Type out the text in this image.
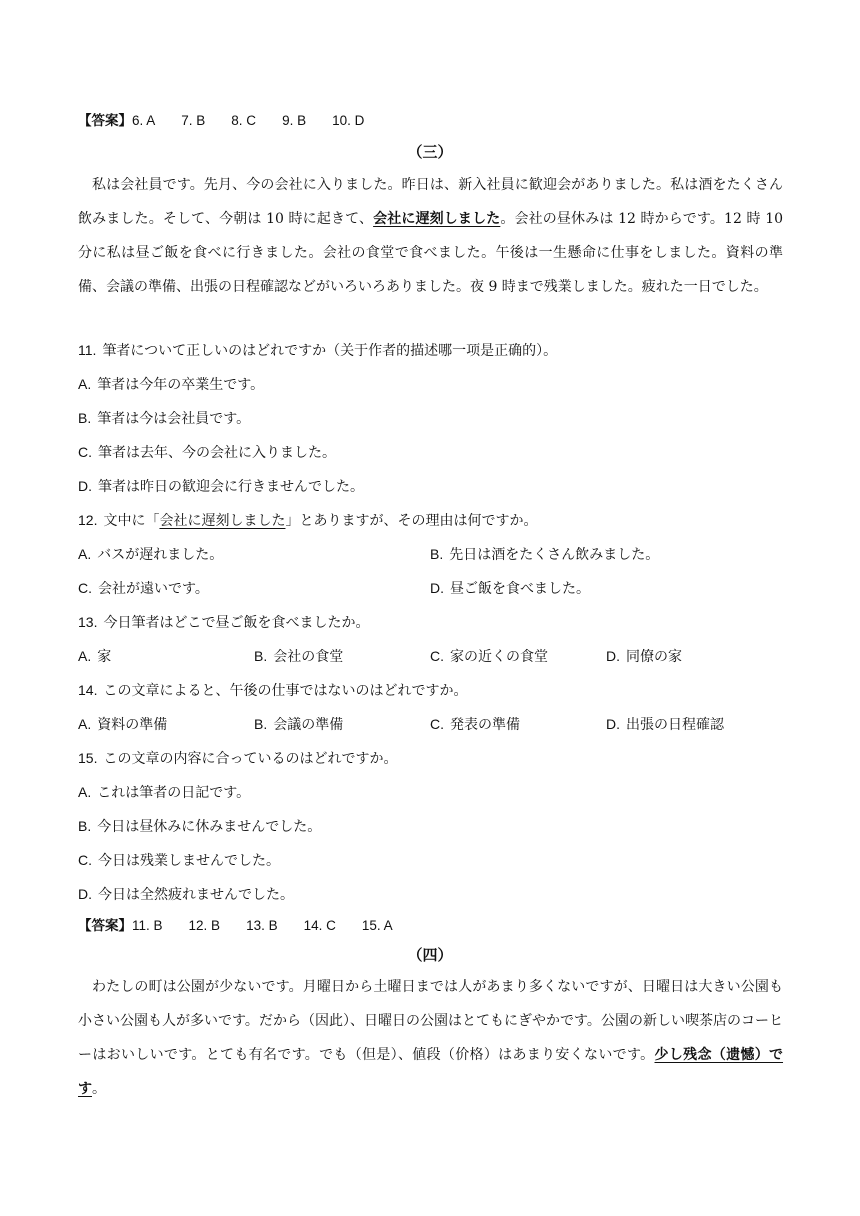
【答案】6. A 7. B 8. C 9. B 10. D
（三）
私は会社員です。先月、今の会社に入りました。昨日は、新入社員に歓迎会がありました。私は酒をたくさん飲みました。そして、今朝は 10 時に起きて、会社に遅刻しました。会社の昼休みは 12 時からです。12 時 10 分に私は昼ご飯を食べに行きました。会社の食堂で食べました。午後は一生懸命に仕事をしました。資料の準備、会議の準備、出張の日程確認などがいろいろありました。夜 9 時まで残業しました。疲れた一日でした。
11. 筆者について正しいのはどれですか（关于作者的描述哪一项是正确的）。
A. 筆者は今年の卒業生です。
B. 筆者は今は会社員です。
C. 筆者は去年、今の会社に入りました。
D. 筆者は昨日の歓迎会に行きませんでした。
12. 文中に「会社に遅刻しました」とありますが、その理由は何ですか。
A. バスが遅れました。	B. 先日は酒をたくさん飲みました。
C. 会社が遠いです。	D. 昼ご飯を食べました。
13. 今日筆者はどこで昼ご飯を食べましたか。
A. 家	B. 会社の食堂	C. 家の近くの食堂	D. 同僚の家
14. この文章によると、午後の仕事ではないのはどれですか。
A. 資料の準備	B. 会議の準備	C. 発表の準備	D. 出張の日程確認
15. この文章の内容に合っているのはどれですか。
A. これは筆者の日記です。
B. 今日は昼休みに休みませんでした。
C. 今日は残業しませんでした。
D. 今日は全然疲れませんでした。
【答案】11. B 12. B 13. B 14. C 15. A
（四）
わたしの町は公園が少ないです。月曜日から土曜日までは人があまり多くないですが、日曜日は大きい公園も小さい公園も人が多いです。だから（因此）、日曜日の公園はとてもにぎやかです。公園の新しい喫茶店のコーヒーはおいしいです。とても有名です。でも（但是）、値段（价格）はあまり安くないです。少し残念（遗憾）です。
